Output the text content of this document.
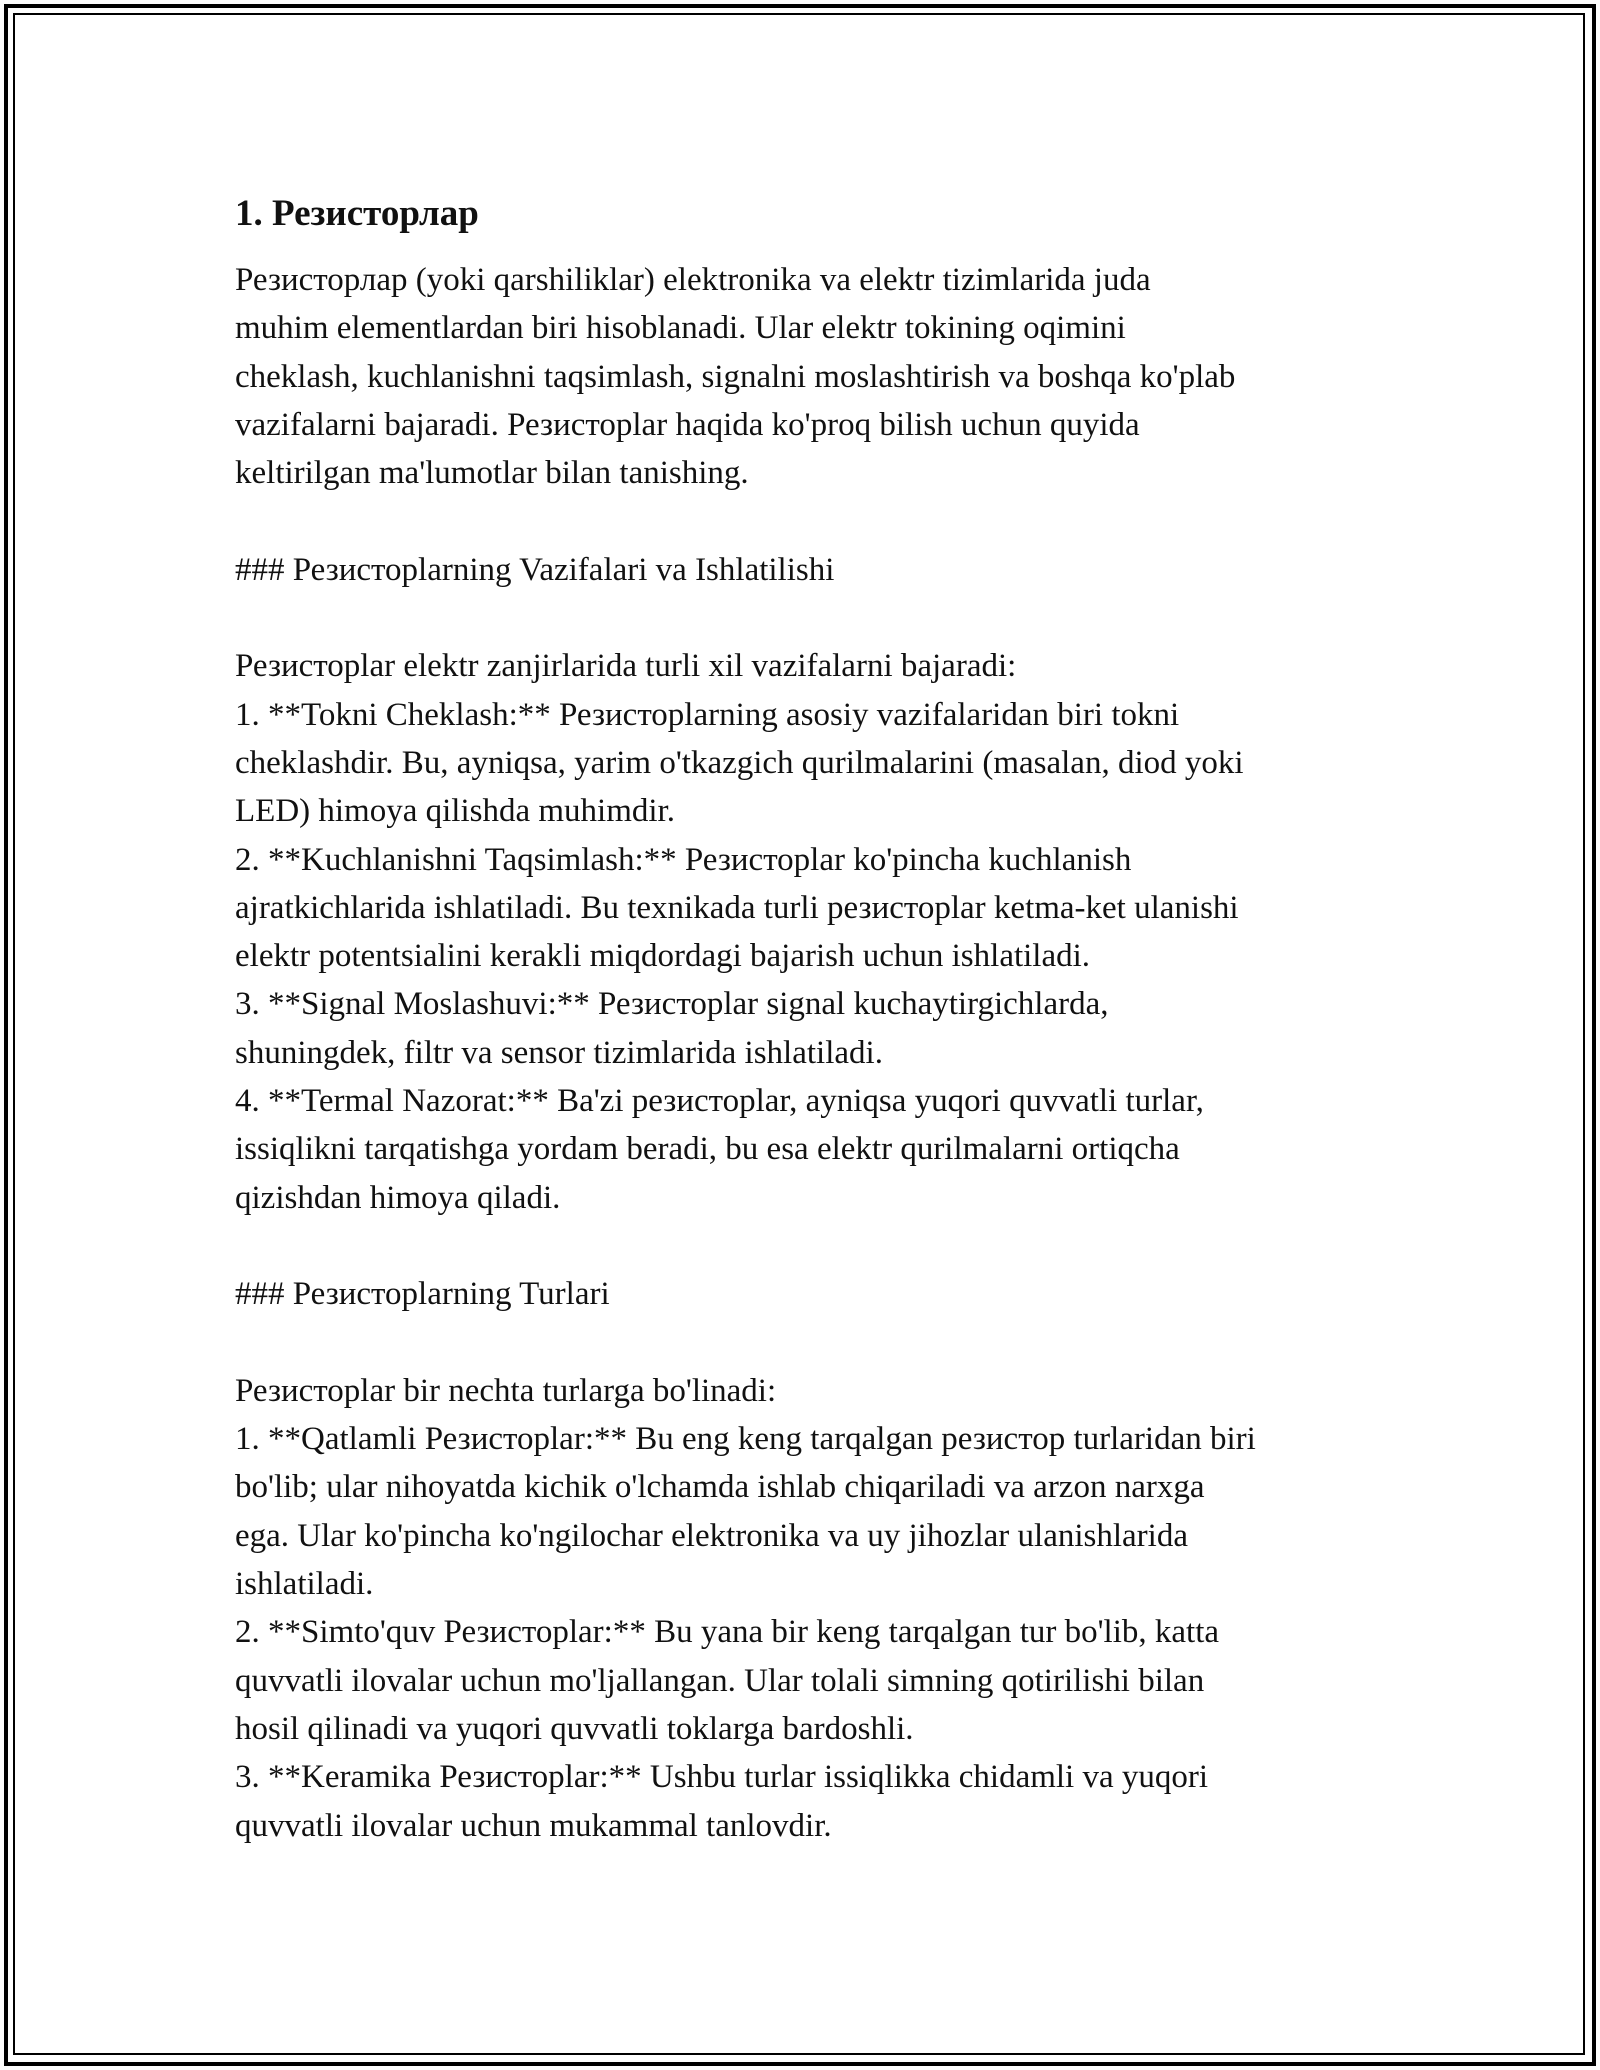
1. Резисторлар
Резисторлар (yoki qarshiliklar) elektronika va elektr tizimlarida juda
muhim elementlardan biri hisoblanadi. Ular elektr tokining oqimini
cheklash, kuchlanishni taqsimlash, signalni moslashtirish va boshqa ko'plab
vazifalarni bajaradi. Резисторlar haqida ko'proq bilish uchun quyida
keltirilgan ma'lumotlar bilan tanishing.
### Резисторlarning Vazifalari va Ishlatilishi
Резисторlar elektr zanjirlarida turli xil vazifalarni bajaradi:
1. **Tokni Cheklash:** Резисторlarning asosiy vazifalaridan biri tokni
cheklashdir. Bu, ayniqsa, yarim o'tkazgich qurilmalarini (masalan, diod yoki
LED) himoya qilishda muhimdir.
2. **Kuchlanishni Taqsimlash:** Резисторlar ko'pincha kuchlanish
ajratkichlarida ishlatiladi. Bu texnikada turli резисторlar ketma-ket ulanishi
elektr potentsialini kerakli miqdordagi bajarish uchun ishlatiladi.
3. **Signal Moslashuvi:** Резисторlar signal kuchaytirgichlarda,
shuningdek, filtr va sensor tizimlarida ishlatiladi.
4. **Termal Nazorat:** Ba'zi резисторlar, ayniqsa yuqori quvvatli turlar,
issiqlikni tarqatishga yordam beradi, bu esa elektr qurilmalarni ortiqcha
qizishdan himoya qiladi.
### Резисторlarning Turlari
Резисторlar bir nechta turlarga bo'linadi:
1. **Qatlamli Резисторlar:** Bu eng keng tarqalgan резистор turlaridan biri
bo'lib; ular nihoyatda kichik o'lchamda ishlab chiqariladi va arzon narxga
ega. Ular ko'pincha ko'ngilochar elektronika va uy jihozlar ulanishlarida
ishlatiladi.
2. **Simto'quv Резисторlar:** Bu yana bir keng tarqalgan tur bo'lib, katta
quvvatli ilovalar uchun mo'ljallangan. Ular tolali simning qotirilishi bilan
hosil qilinadi va yuqori quvvatli toklarga bardoshli.
3. **Keramika Резисторlar:** Ushbu turlar issiqlikka chidamli va yuqori
quvvatli ilovalar uchun mukammal tanlovdir.
